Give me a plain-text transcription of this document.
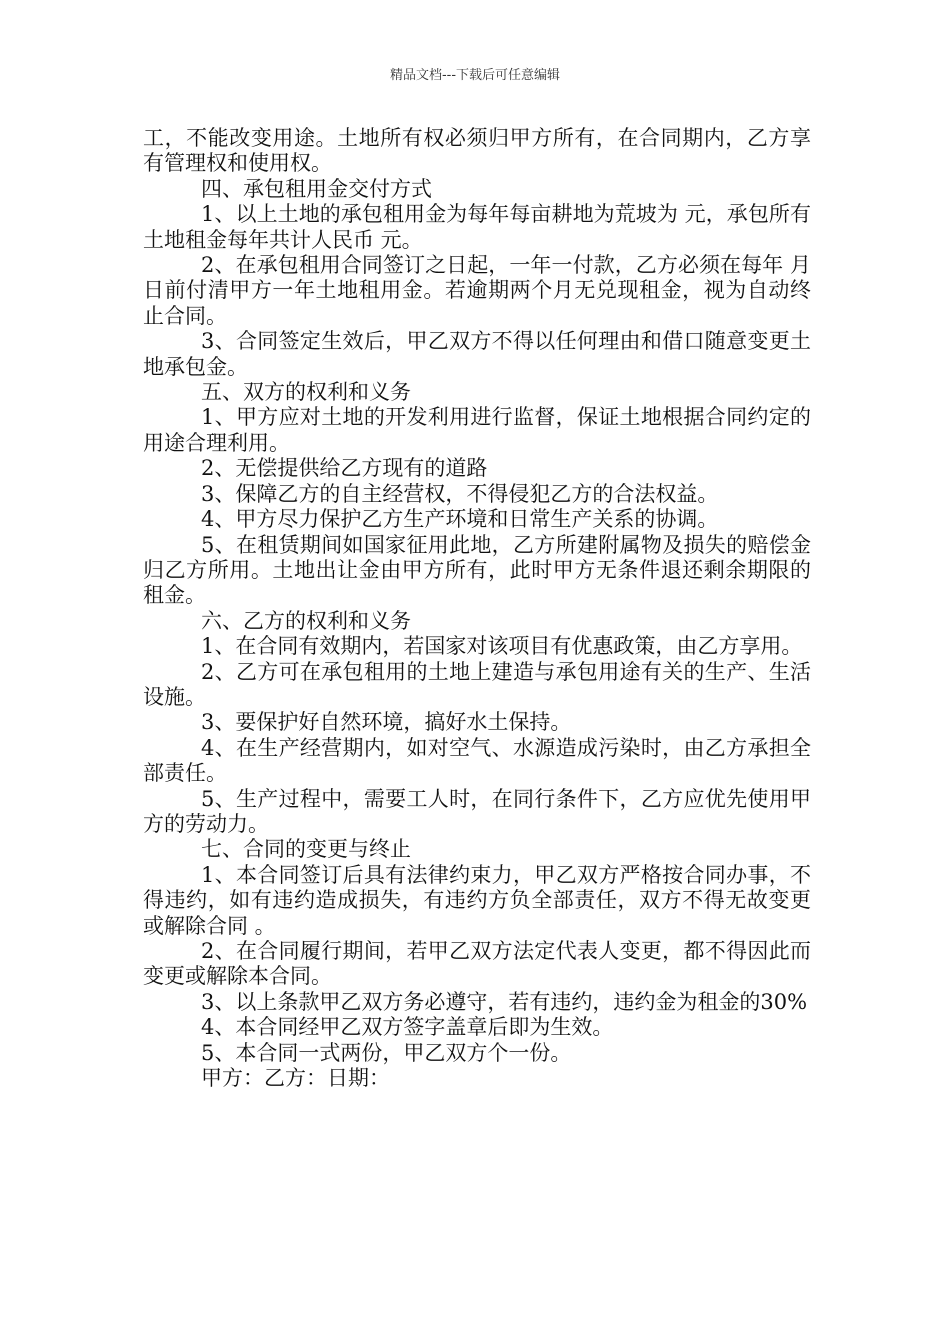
精品文档---下载后可任意编辑

工，不能改变用途。土地所有权必须归甲方所有，在合同期内，乙方享有管理权和使用权。

四、承包租用金交付方式

1、以上土地的承包租用金为每年每亩耕地为荒坡为 元，承包所有土地租金每年共计人民币 元。

2、在承包租用合同签订之日起，一年一付款，乙方必须在每年 月 日前付清甲方一年土地租用金。若逾期两个月无兑现租金，视为自动终止合同。

3、合同签定生效后，甲乙双方不得以任何理由和借口随意变更土地承包金。

五、双方的权利和义务

1、甲方应对土地的开发利用进行监督，保证土地根据合同约定的用途合理利用。

2、无偿提供给乙方现有的道路

3、保障乙方的自主经营权，不得侵犯乙方的合法权益。

4、甲方尽力保护乙方生产环境和日常生产关系的协调。

5、在租赁期间如国家征用此地，乙方所建附属物及损失的赔偿金归乙方所用。土地出让金由甲方所有，此时甲方无条件退还剩余期限的租金。

六、乙方的权利和义务

1、在合同有效期内，若国家对该项目有优惠政策，由乙方享用。

2、乙方可在承包租用的土地上建造与承包用途有关的生产、生活设施。

3、要保护好自然环境，搞好水土保持。

4、在生产经营期内，如对空气、水源造成污染时，由乙方承担全部责任。

5、生产过程中，需要工人时，在同行条件下，乙方应优先使用甲方的劳动力。

七、合同的变更与终止

1、本合同签订后具有法律约束力，甲乙双方严格按合同办事，不得违约，如有违约造成损失，有违约方负全部责任，双方不得无故变更或解除合同 。

2、在合同履行期间，若甲乙双方法定代表人变更，都不得因此而变更或解除本合同。

3、以上条款甲乙双方务必遵守，若有违约，违约金为租金的30%

4、本合同经甲乙双方签字盖章后即为生效。

5、本合同一式两份，甲乙双方个一份。

甲方：乙方：日期：
